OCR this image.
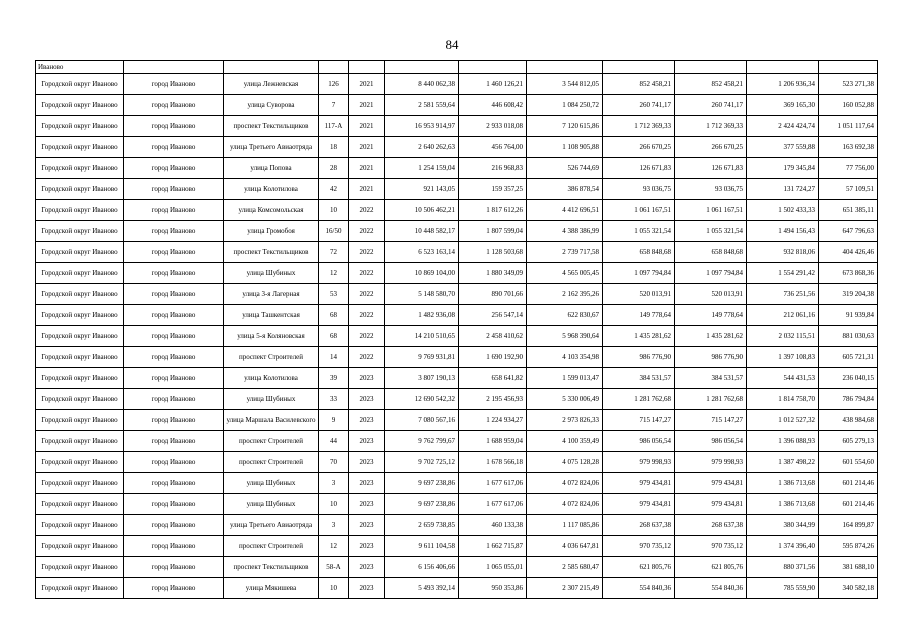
84
Иваново											
Городской округ Иваново	город Иваново	улица Лежневская	126	2021	8 440 062,38	1 460 126,21	3 544 812,05	852 458,21	852 458,21	1 206 936,34	523 271,38
Городской округ Иваново	город Иваново	улица Суворова	7	2021	2 581 559,64	446 608,42	1 084 250,72	260 741,17	260 741,17	369 165,30	160 052,88
Городской округ Иваново	город Иваново	проспект Текстильщиков	117-А	2021	16 953 914,97	2 933 018,08	7 120 615,86	1 712 369,33	1 712 369,33	2 424 424,74	1 051 117,64
Городской округ Иваново	город Иваново	улица Третьего Авиаотряда	18	2021	2 640 262,63	456 764,00	1 108 905,88	266 670,25	266 670,25	377 559,88	163 692,38
Городской округ Иваново	город Иваново	улица Попова	28	2021	1 254 159,04	216 968,83	526 744,69	126 671,83	126 671,83	179 345,84	77 756,00
Городской округ Иваново	город Иваново	улица Колотилова	42	2021	921 143,05	159 357,25	386 878,54	93 036,75	93 036,75	131 724,27	57 109,51
Городской округ Иваново	город Иваново	улица Комсомольская	10	2022	10 506 462,21	1 817 612,26	4 412 696,51	1 061 167,51	1 061 167,51	1 502 433,33	651 385,11
Городской округ Иваново	город Иваново	улица Громобоя	16/50	2022	10 448 582,17	1 807 599,04	4 388 386,99	1 055 321,54	1 055 321,54	1 494 156,43	647 796,63
Городской округ Иваново	город Иваново	проспект Текстильщиков	72	2022	6 523 163,14	1 128 503,68	2 739 717,58	658 848,68	658 848,68	932 818,06	404 426,46
Городской округ Иваново	город Иваново	улица Шубиных	12	2022	10 869 104,00	1 880 349,09	4 565 005,45	1 097 794,84	1 097 794,84	1 554 291,42	673 868,36
Городской округ Иваново	город Иваново	улица 3-я Лагерная	53	2022	5 148 580,70	890 701,66	2 162 395,26	520 013,91	520 013,91	736 251,56	319 204,38
Городской округ Иваново	город Иваново	улица Ташкентская	68	2022	1 482 936,08	256 547,14	622 830,67	149 778,64	149 778,64	212 061,16	91 939,84
Городской округ Иваново	город Иваново	улица 5-я Коляновская	68	2022	14 210 510,65	2 458 410,62	5 968 390,64	1 435 281,62	1 435 281,62	2 032 115,51	881 030,63
Городской округ Иваново	город Иваново	проспект Строителей	14	2022	9 769 931,81	1 690 192,90	4 103 354,98	986 776,90	986 776,90	1 397 108,83	605 721,31
Городской округ Иваново	город Иваново	улица Колотилова	39	2023	3 807 190,13	658 641,82	1 599 013,47	384 531,57	384 531,57	544 431,53	236 040,15
Городской округ Иваново	город Иваново	улица Шубиных	33	2023	12 690 542,32	2 195 456,93	5 330 006,49	1 281 762,68	1 281 762,68	1 814 758,70	786 794,84
Городской округ Иваново	город Иваново	улица Маршала Василевского	9	2023	7 080 567,16	1 224 934,27	2 973 826,33	715 147,27	715 147,27	1 012 527,32	438 984,68
Городской округ Иваново	город Иваново	проспект Строителей	44	2023	9 762 799,67	1 688 959,04	4 100 359,49	986 056,54	986 056,54	1 396 088,93	605 279,13
Городской округ Иваново	город Иваново	проспект Строителей	70	2023	9 702 725,12	1 678 566,18	4 075 128,28	979 998,93	979 998,93	1 387 498,22	601 554,60
Городской округ Иваново	город Иваново	улица Шубиных	3	2023	9 697 238,86	1 677 617,06	4 072 824,06	979 434,81	979 434,81	1 386 713,68	601 214,46
Городской округ Иваново	город Иваново	улица Шубиных	10	2023	9 697 238,86	1 677 617,06	4 072 824,06	979 434,81	979 434,81	1 386 713,68	601 214,46
Городской округ Иваново	город Иваново	улица Третьего Авиаотряда	3	2023	2 659 738,85	460 133,38	1 117 085,86	268 637,38	268 637,38	380 344,99	164 899,87
Городской округ Иваново	город Иваново	проспект Строителей	12	2023	9 611 104,58	1 662 715,87	4 036 647,81	970 735,12	970 735,12	1 374 396,40	595 874,26
Городской округ Иваново	город Иваново	проспект Текстильщиков	58-А	2023	6 156 406,66	1 065 055,01	2 585 680,47	621 805,76	621 805,76	880 371,56	381 688,10
Городской округ Иваново	город Иваново	улица Мякишева	10	2023	5 493 392,14	950 353,86	2 307 215,49	554 840,36	554 840,36	785 559,90	340 582,18
